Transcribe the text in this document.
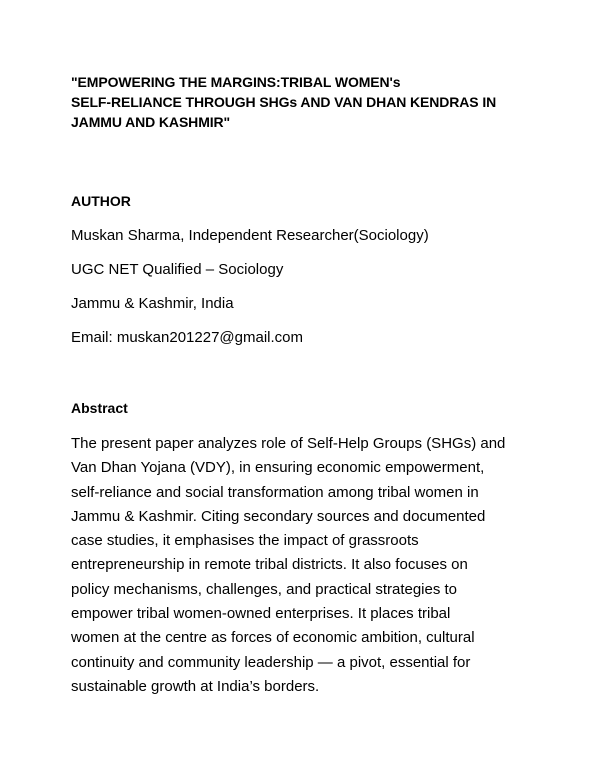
"EMPOWERING THE MARGINS:TRIBAL WOMEN's
SELF-RELIANCE THROUGH SHGs AND VAN DHAN KENDRAS IN
JAMMU AND KASHMIR"
AUTHOR
Muskan Sharma, Independent Researcher(Sociology)
UGC NET Qualified – Sociology
Jammu & Kashmir, India
Email: muskan201227@gmail.com
Abstract
The present paper analyzes role of Self-Help Groups (SHGs) and
Van Dhan Yojana (VDY), in ensuring economic empowerment,
self-reliance and social transformation among tribal women in
Jammu & Kashmir. Citing secondary sources and documented
case studies, it emphasises the impact of grassroots
entrepreneurship in remote tribal districts. It also focuses on
policy mechanisms, challenges, and practical strategies to
empower tribal women-owned enterprises. It places tribal
women at the centre as forces of economic ambition, cultural
continuity and community leadership — a pivot, essential for
sustainable growth at India’s borders.
